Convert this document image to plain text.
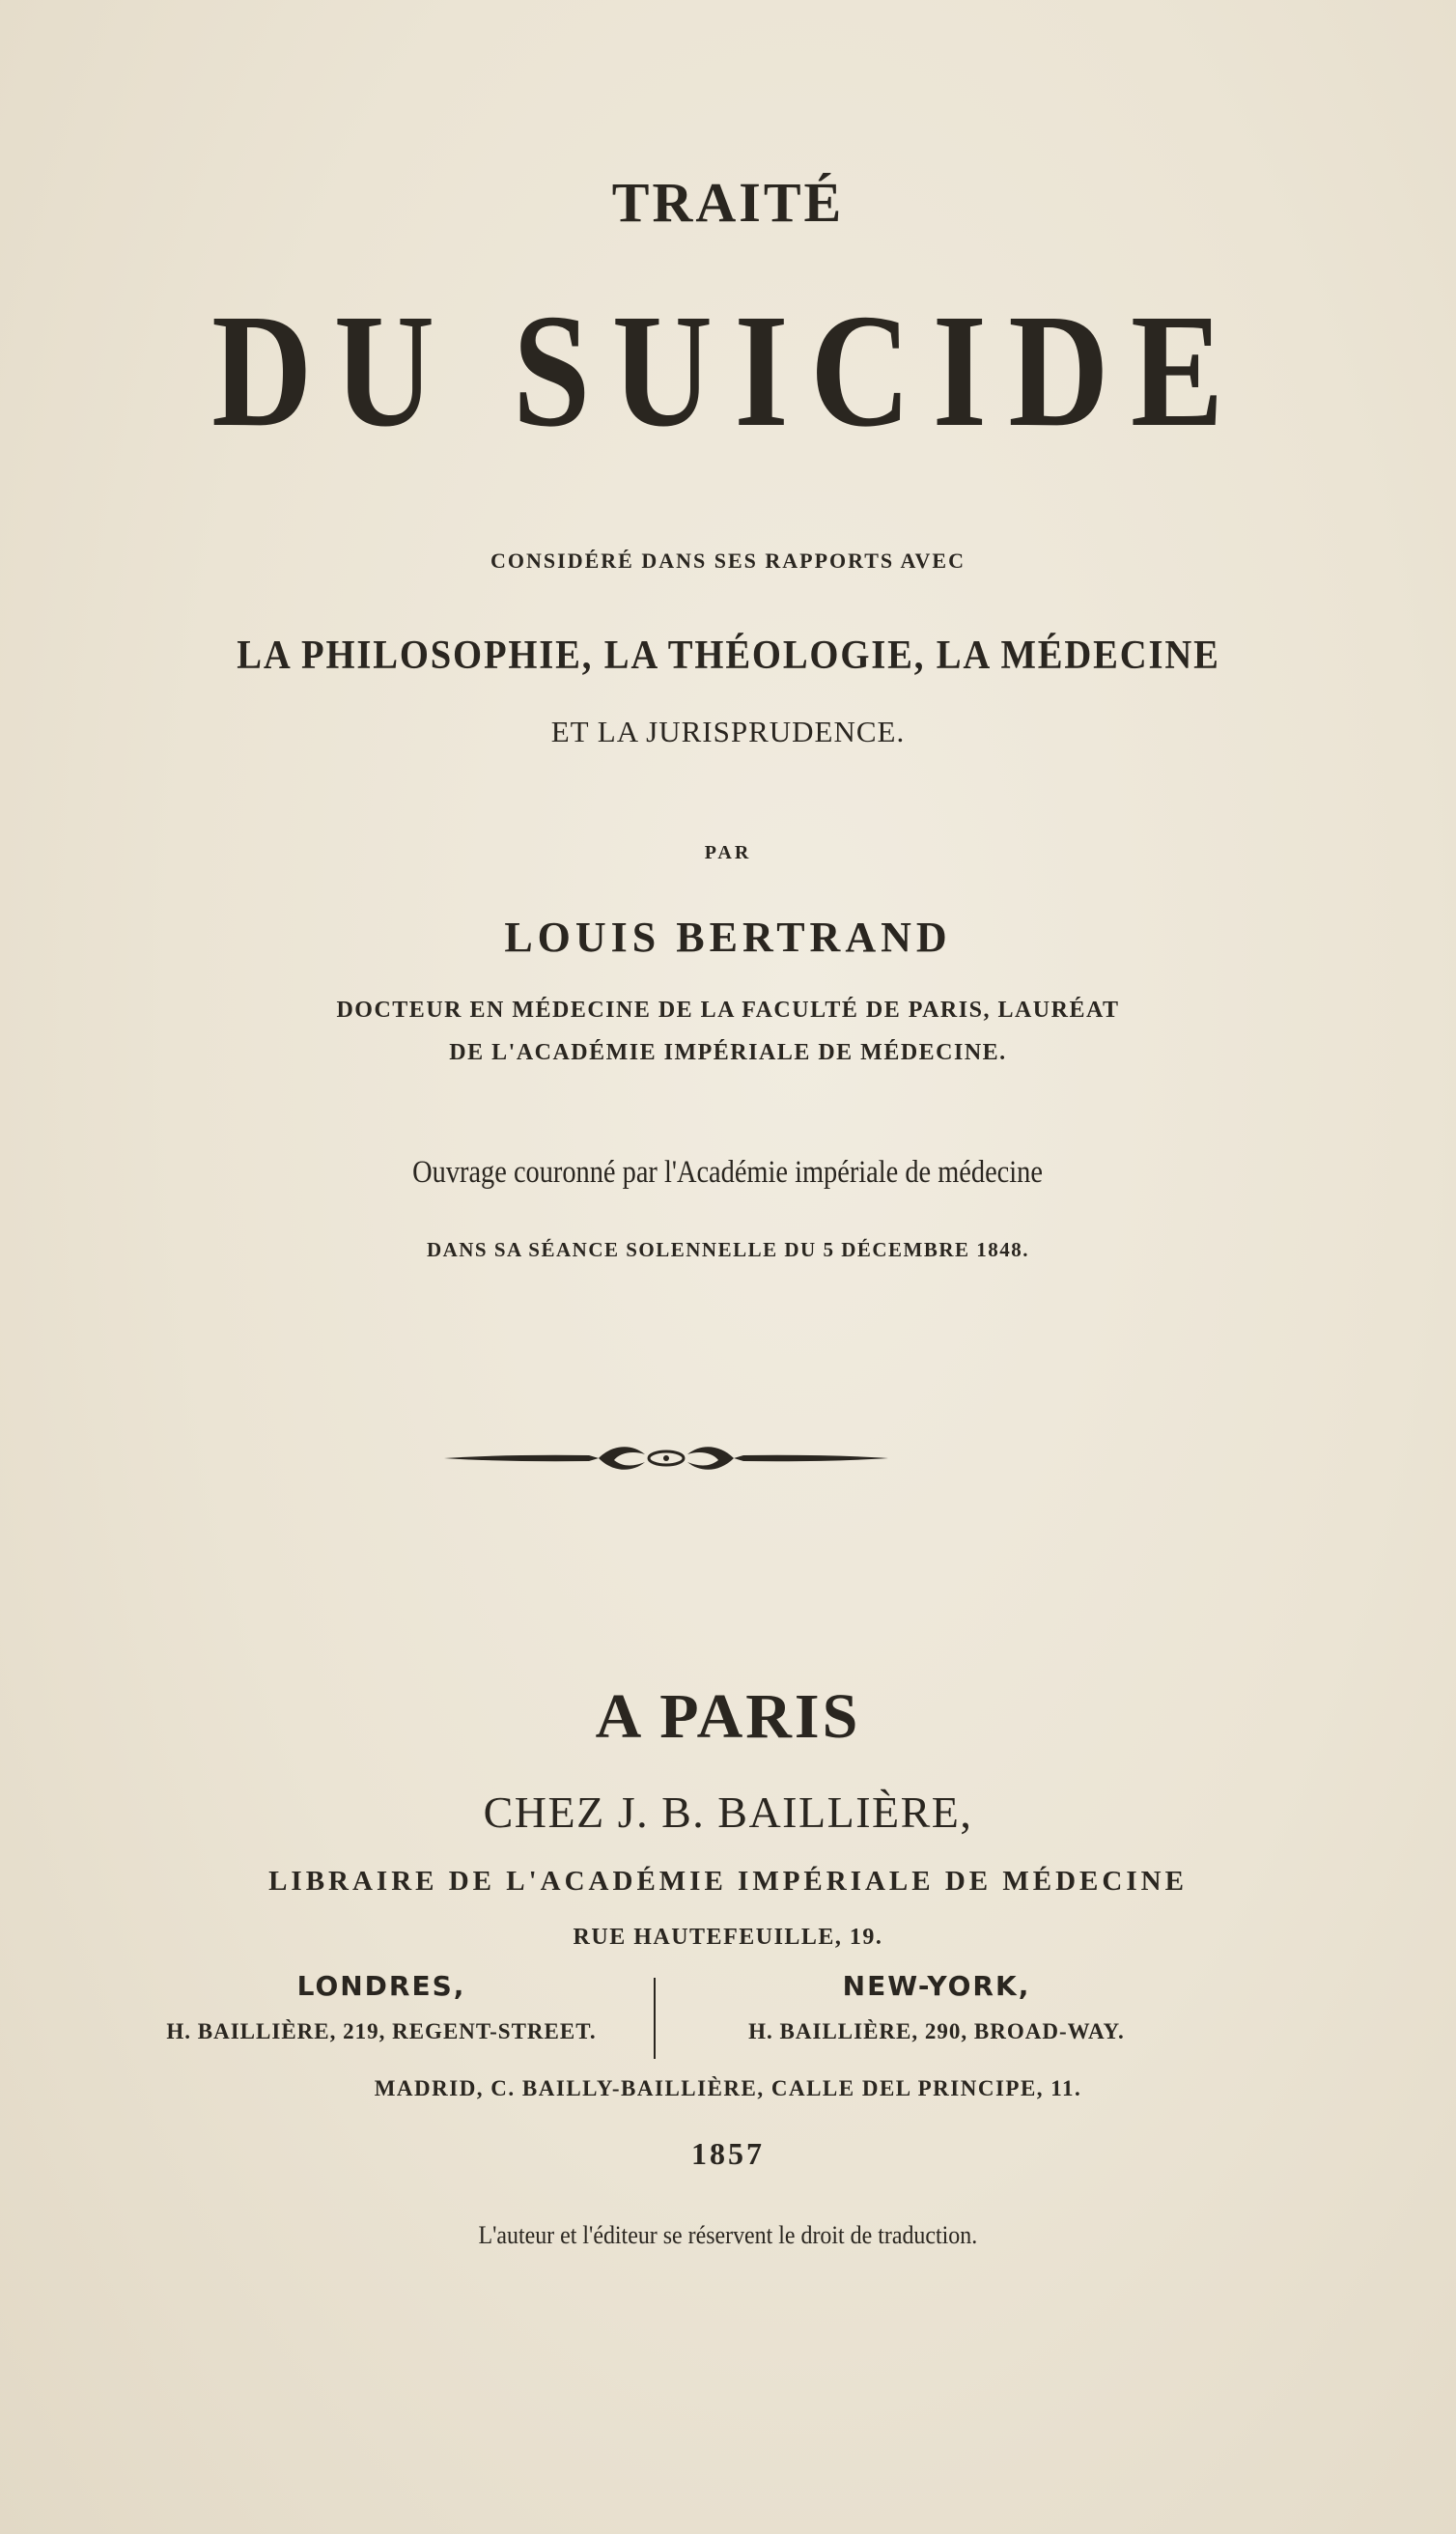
TRAITÉ
DU SUICIDE
CONSIDÉRÉ DANS SES RAPPORTS AVEC
LA PHILOSOPHIE, LA THÉOLOGIE, LA MÉDECINE
ET LA JURISPRUDENCE.
PAR
LOUIS BERTRAND
DOCTEUR EN MÉDECINE DE LA FACULTÉ DE PARIS, LAURÉAT
DE L'ACADÉMIE IMPÉRIALE DE MÉDECINE.
Ouvrage couronné par l'Académie impériale de médecine
DANS SA SÉANCE SOLENNELLE DU 5 DÉCEMBRE 1848.
A PARIS
CHEZ J. B. BAILLIÈRE,
LIBRAIRE DE L'ACADÉMIE IMPÉRIALE DE MÉDECINE
RUE HAUTEFEUILLE, 19.
LONDRES,
H. BAILLIÈRE, 219, REGENT-STREET.
NEW-YORK,
H. BAILLIÈRE, 290, BROAD-WAY.
MADRID, C. BAILLY-BAILLIÈRE, CALLE DEL PRINCIPE, 11.
1857
L'auteur et l'éditeur se réservent le droit de traduction.
